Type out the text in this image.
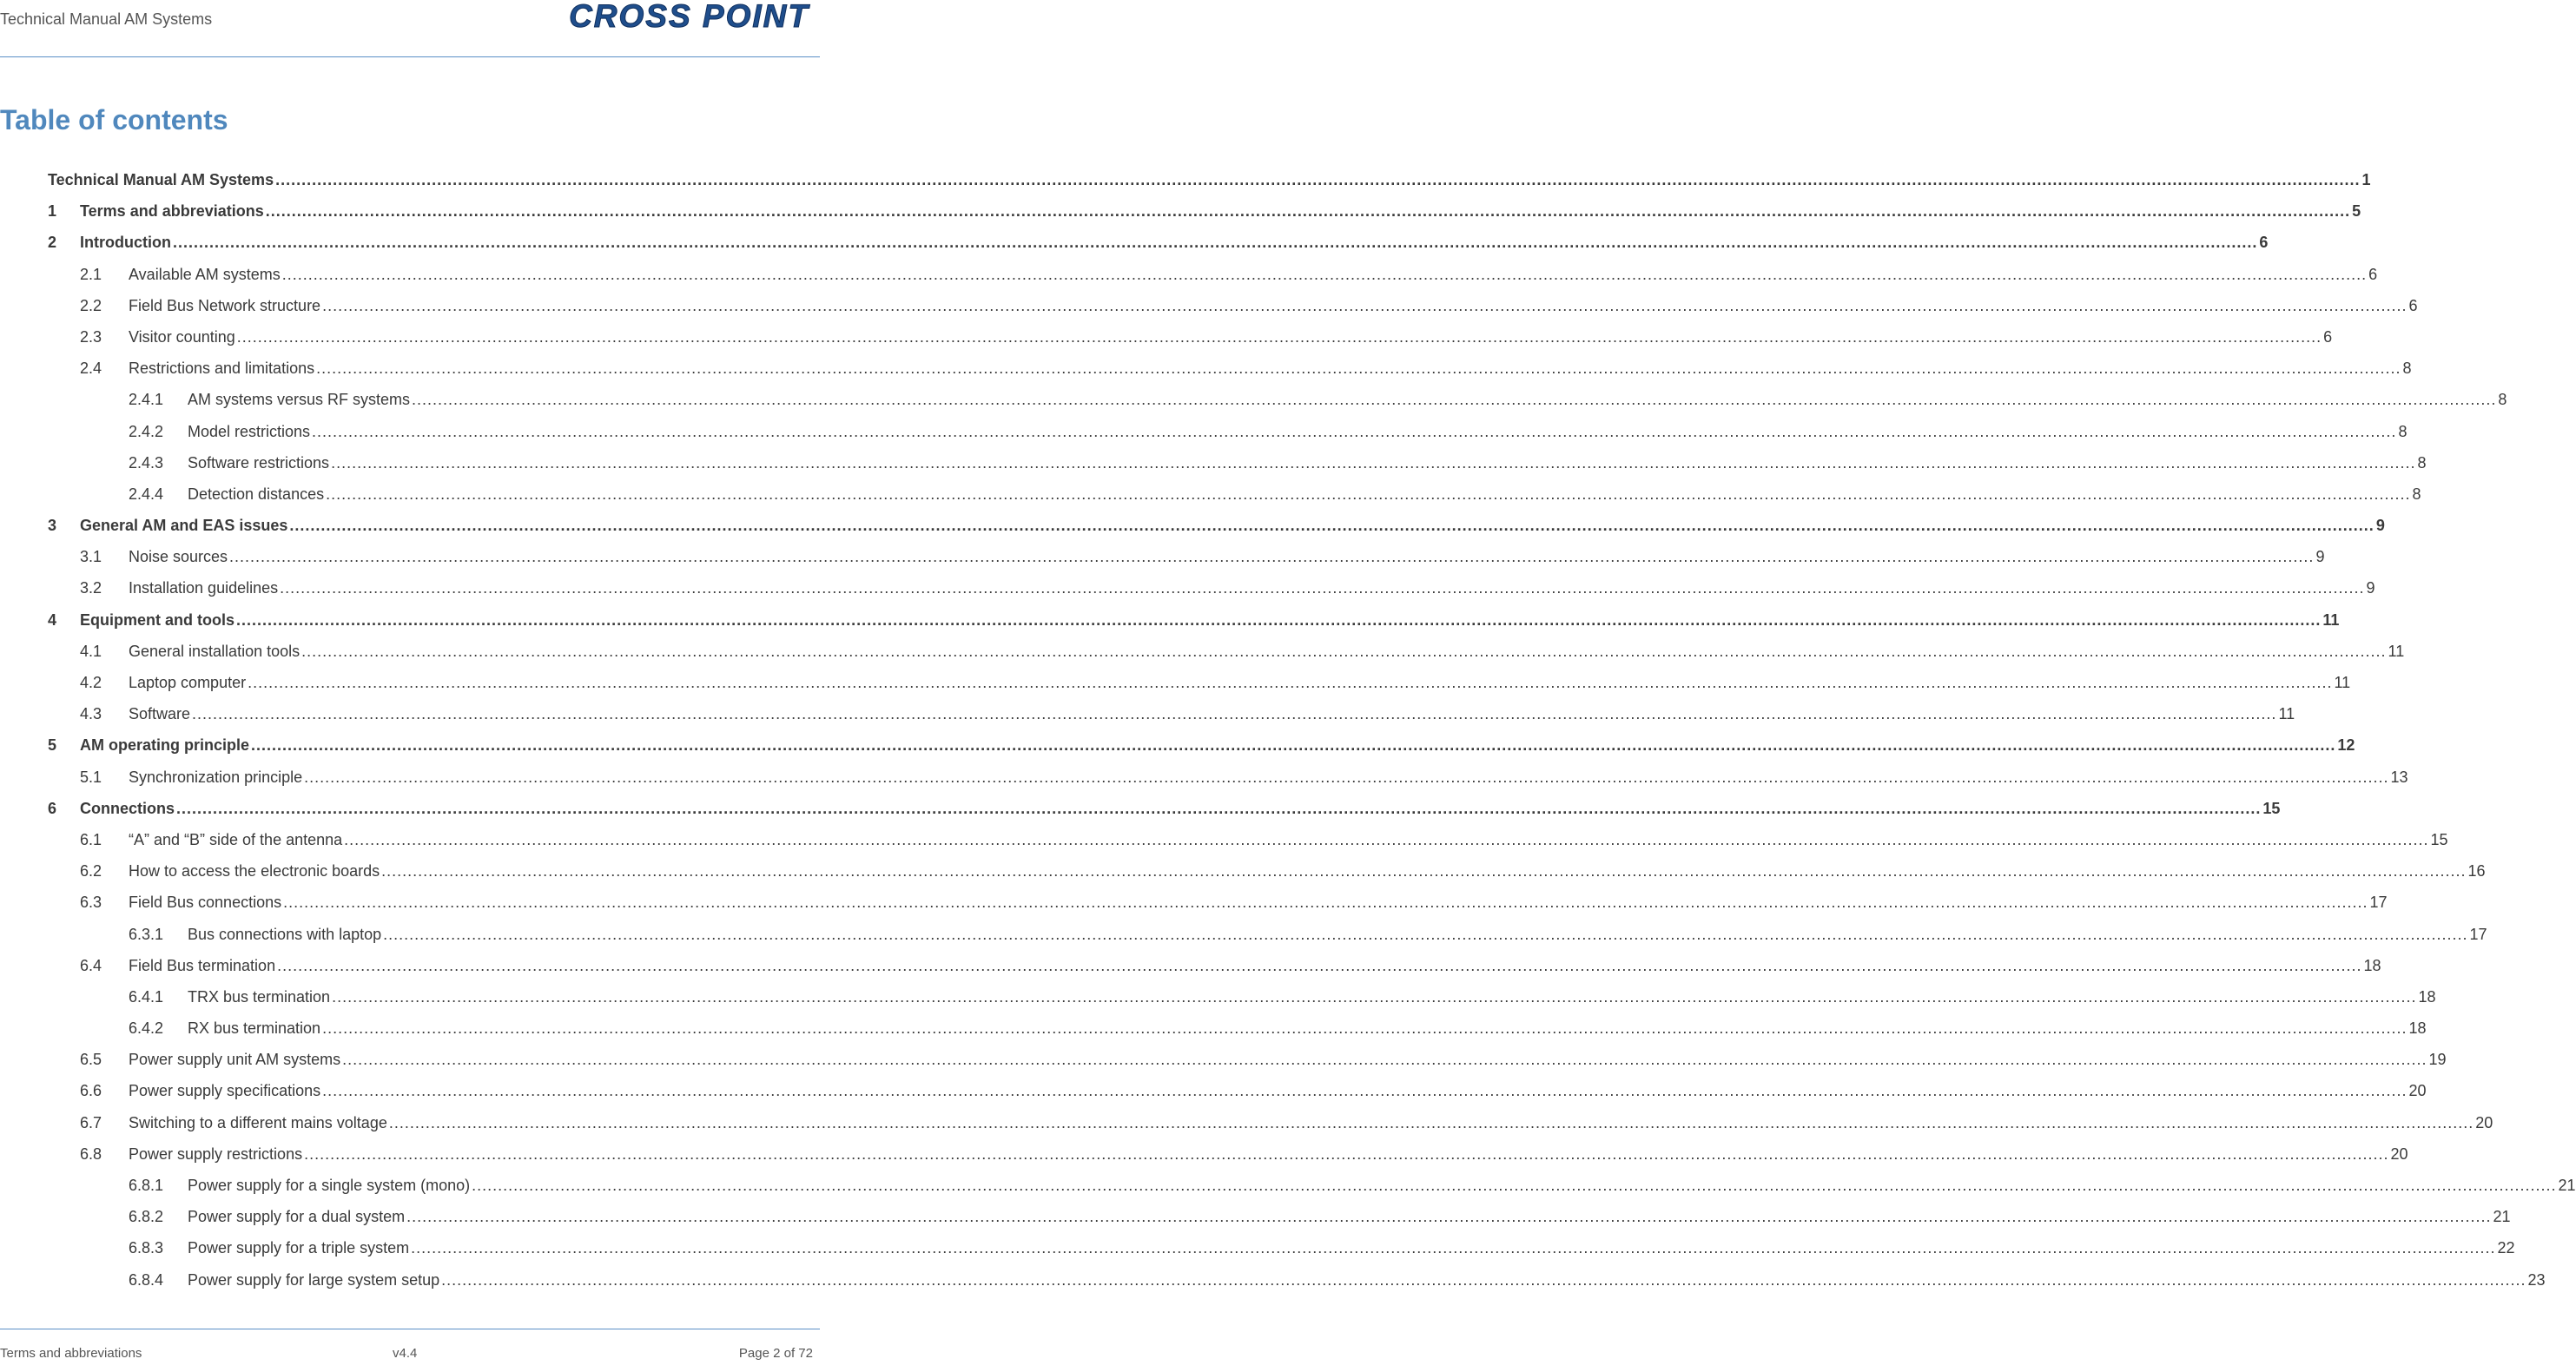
Technical Manual AM Systems	CROSS POINT
Table of contents
Technical Manual AM Systems ................................................................................................................................................................................................................................................................................................................................................................................................................ 1
1 Terms and abbreviations ................................................................................................................................................................................................................................................................................................................................................................................................................ 5
2 Introduction ................................................................................................................................................................................................................................................................................................................................................................................................................ 6
2.1 Available AM systems ................................................................................................................................................................................................................................................................................................................................................................................................................ 6
2.2 Field Bus Network structure ................................................................................................................................................................................................................................................................................................................................................................................................................ 6
2.3 Visitor counting ................................................................................................................................................................................................................................................................................................................................................................................................................ 6
2.4 Restrictions and limitations ................................................................................................................................................................................................................................................................................................................................................................................................................ 8
2.4.1 AM systems versus RF systems ................................................................................................................................................................................................................................................................................................................................................................................................................ 8
2.4.2 Model restrictions ................................................................................................................................................................................................................................................................................................................................................................................................................ 8
2.4.3 Software restrictions ................................................................................................................................................................................................................................................................................................................................................................................................................ 8
2.4.4 Detection distances ................................................................................................................................................................................................................................................................................................................................................................................................................ 8
3 General AM and EAS issues ................................................................................................................................................................................................................................................................................................................................................................................................................ 9
3.1 Noise sources ................................................................................................................................................................................................................................................................................................................................................................................................................ 9
3.2 Installation guidelines ................................................................................................................................................................................................................................................................................................................................................................................................................ 9
4 Equipment and tools ................................................................................................................................................................................................................................................................................................................................................................................................................ 11
4.1 General installation tools ................................................................................................................................................................................................................................................................................................................................................................................................................ 11
4.2 Laptop computer ................................................................................................................................................................................................................................................................................................................................................................................................................ 11
4.3 Software ................................................................................................................................................................................................................................................................................................................................................................................................................ 11
5 AM operating principle ................................................................................................................................................................................................................................................................................................................................................................................................................ 12
5.1 Synchronization principle ................................................................................................................................................................................................................................................................................................................................................................................................................ 13
6 Connections ................................................................................................................................................................................................................................................................................................................................................................................................................ 15
6.1 “A” and “B” side of the antenna ................................................................................................................................................................................................................................................................................................................................................................................................................ 15
6.2 How to access the electronic boards ................................................................................................................................................................................................................................................................................................................................................................................................................ 16
6.3 Field Bus connections ................................................................................................................................................................................................................................................................................................................................................................................................................ 17
6.3.1 Bus connections with laptop ................................................................................................................................................................................................................................................................................................................................................................................................................ 17
6.4 Field Bus termination ................................................................................................................................................................................................................................................................................................................................................................................................................ 18
6.4.1 TRX bus termination ................................................................................................................................................................................................................................................................................................................................................................................................................ 18
6.4.2 RX bus termination ................................................................................................................................................................................................................................................................................................................................................................................................................ 18
6.5 Power supply unit AM systems ................................................................................................................................................................................................................................................................................................................................................................................................................ 19
6.6 Power supply specifications ................................................................................................................................................................................................................................................................................................................................................................................................................ 20
6.7 Switching to a different mains voltage ................................................................................................................................................................................................................................................................................................................................................................................................................ 20
6.8 Power supply restrictions ................................................................................................................................................................................................................................................................................................................................................................................................................ 20
6.8.1 Power supply for a single system (mono) ................................................................................................................................................................................................................................................................................................................................................................................................................ 21
6.8.2 Power supply for a dual system ................................................................................................................................................................................................................................................................................................................................................................................................................ 21
6.8.3 Power supply for a triple system ................................................................................................................................................................................................................................................................................................................................................................................................................ 22
6.8.4 Power supply for large system setup ................................................................................................................................................................................................................................................................................................................................................................................................................ 23
Terms and abbreviations	v4.4	Page 2 of 72
